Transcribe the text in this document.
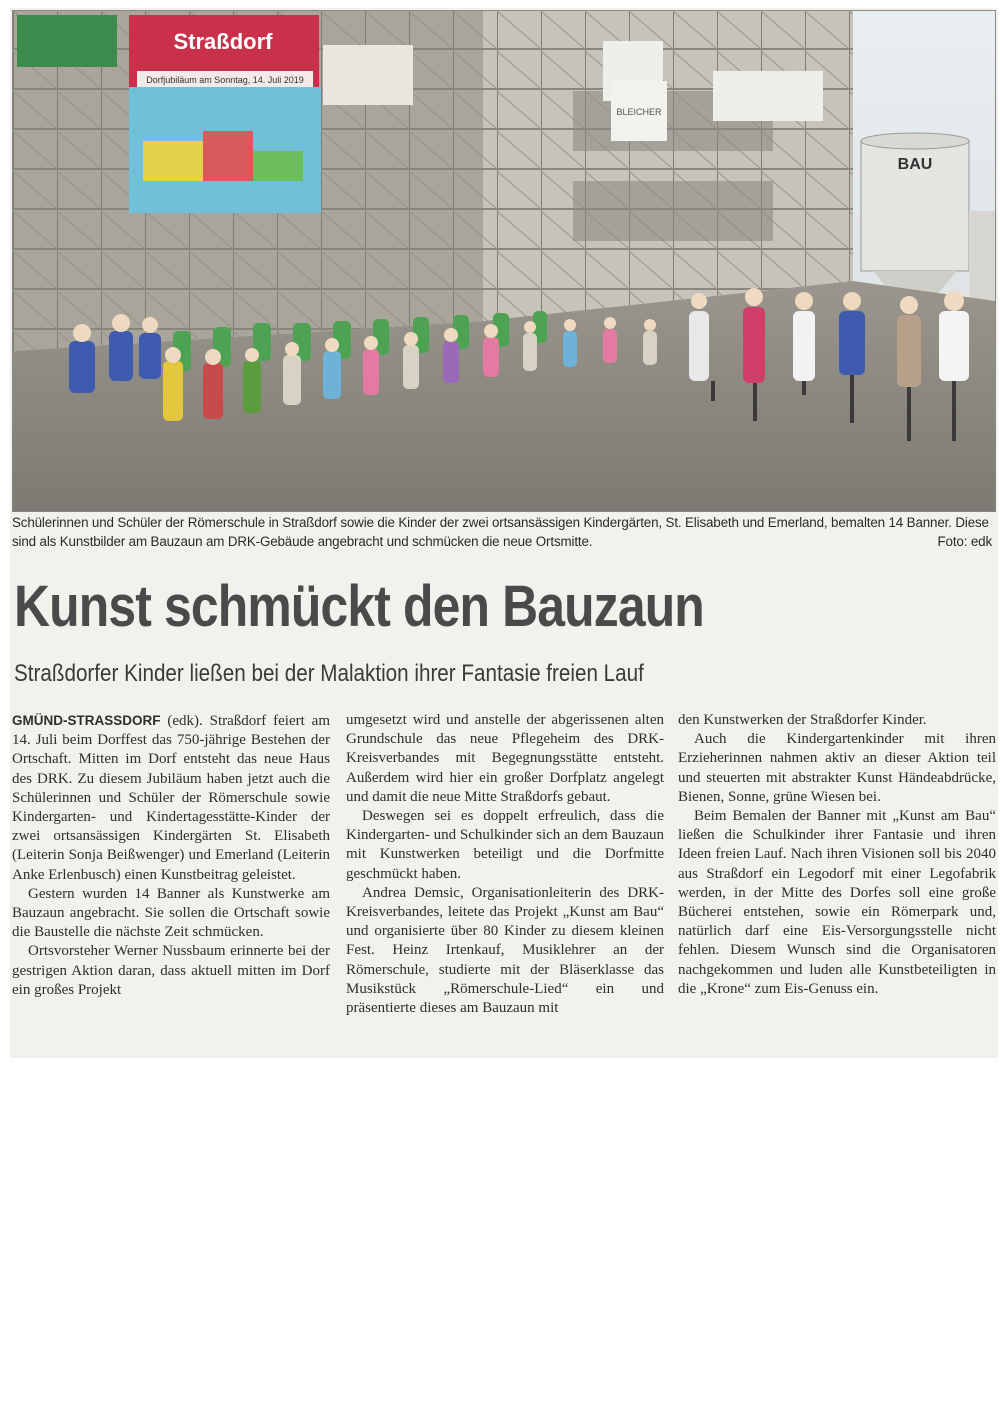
Straßdorf
Dorfjubiläum am Sonntag, 14. Juli 2019
BLEICHER
BAU
Schülerinnen und Schüler der Römerschule in Straßdorf sowie die Kinder der zwei ortsansässigen Kindergärten, St. Elisabeth und Emerland, bemalten 14 Banner. Diese sind als Kunstbilder am Bauzaun am DRK-Gebäude angebracht und schmücken die neue Ortsmitte.	Foto: edk
Kunst schmückt den Bauzaun
Straßdorfer Kinder ließen bei der Malaktion ihrer Fantasie freien Lauf

GMÜND-STRASSDORF (edk). Straßdorf feiert am 14. Juli beim Dorffest das 750-jährige Bestehen der Ortschaft. Mitten im Dorf entsteht das neue Haus des DRK. Zu diesem Jubiläum haben jetzt auch die Schülerinnen und Schüler der Römerschule sowie Kindergarten- und Kindertagesstätte-Kinder der zwei ortsansässigen Kindergärten St. Elisabeth (Leiterin Sonja Beißwenger) und Emerland (Leiterin Anke Erlenbusch) einen Kunstbeitrag geleistet.

Gestern wurden 14 Banner als Kunstwerke am Bauzaun angebracht. Sie sollen die Ortschaft sowie die Baustelle die nächste Zeit schmücken.

Ortsvorsteher Werner Nussbaum erinnerte bei der gestrigen Aktion daran, dass aktuell mitten im Dorf ein großes Projekt

umgesetzt wird und anstelle der abgerissenen alten Grundschule das neue Pflegeheim des DRK-Kreisverbandes mit Begegnungsstätte entsteht. Außerdem wird hier ein großer Dorfplatz angelegt und damit die neue Mitte Straßdorfs gebaut.

Deswegen sei es doppelt erfreulich, dass die Kindergarten- und Schulkinder sich an dem Bauzaun mit Kunstwerken beteiligt und die Dorfmitte geschmückt haben.

Andrea Demsic, Organisationleiterin des DRK-Kreisverbandes, leitete das Projekt „Kunst am Bau“ und organisierte über 80 Kinder zu diesem kleinen Fest. Heinz Irtenkauf, Musiklehrer an der Römerschule, studierte mit der Bläserklasse das Musikstück „Römerschule-Lied“ ein und präsentierte dieses am Bauzaun mit

den Kunstwerken der Straßdorfer Kinder.

Auch die Kindergartenkinder mit ihren Erzieherinnen nahmen aktiv an dieser Aktion teil und steuerten mit abstrakter Kunst Händeabdrücke, Bienen, Sonne, grüne Wiesen bei.

Beim Bemalen der Banner mit „Kunst am Bau“ ließen die Schulkinder ihrer Fantasie und ihren Ideen freien Lauf. Nach ihren Visionen soll bis 2040 aus Straßdorf ein Legodorf mit einer Legofabrik werden, in der Mitte des Dorfes soll eine große Bücherei entstehen, sowie ein Römerpark und, natürlich darf eine Eis-Versorgungsstelle nicht fehlen. Diesem Wunsch sind die Organisatoren nachgekommen und luden alle Kunstbeteiligten in die „Krone“ zum Eis-Genuss ein.
